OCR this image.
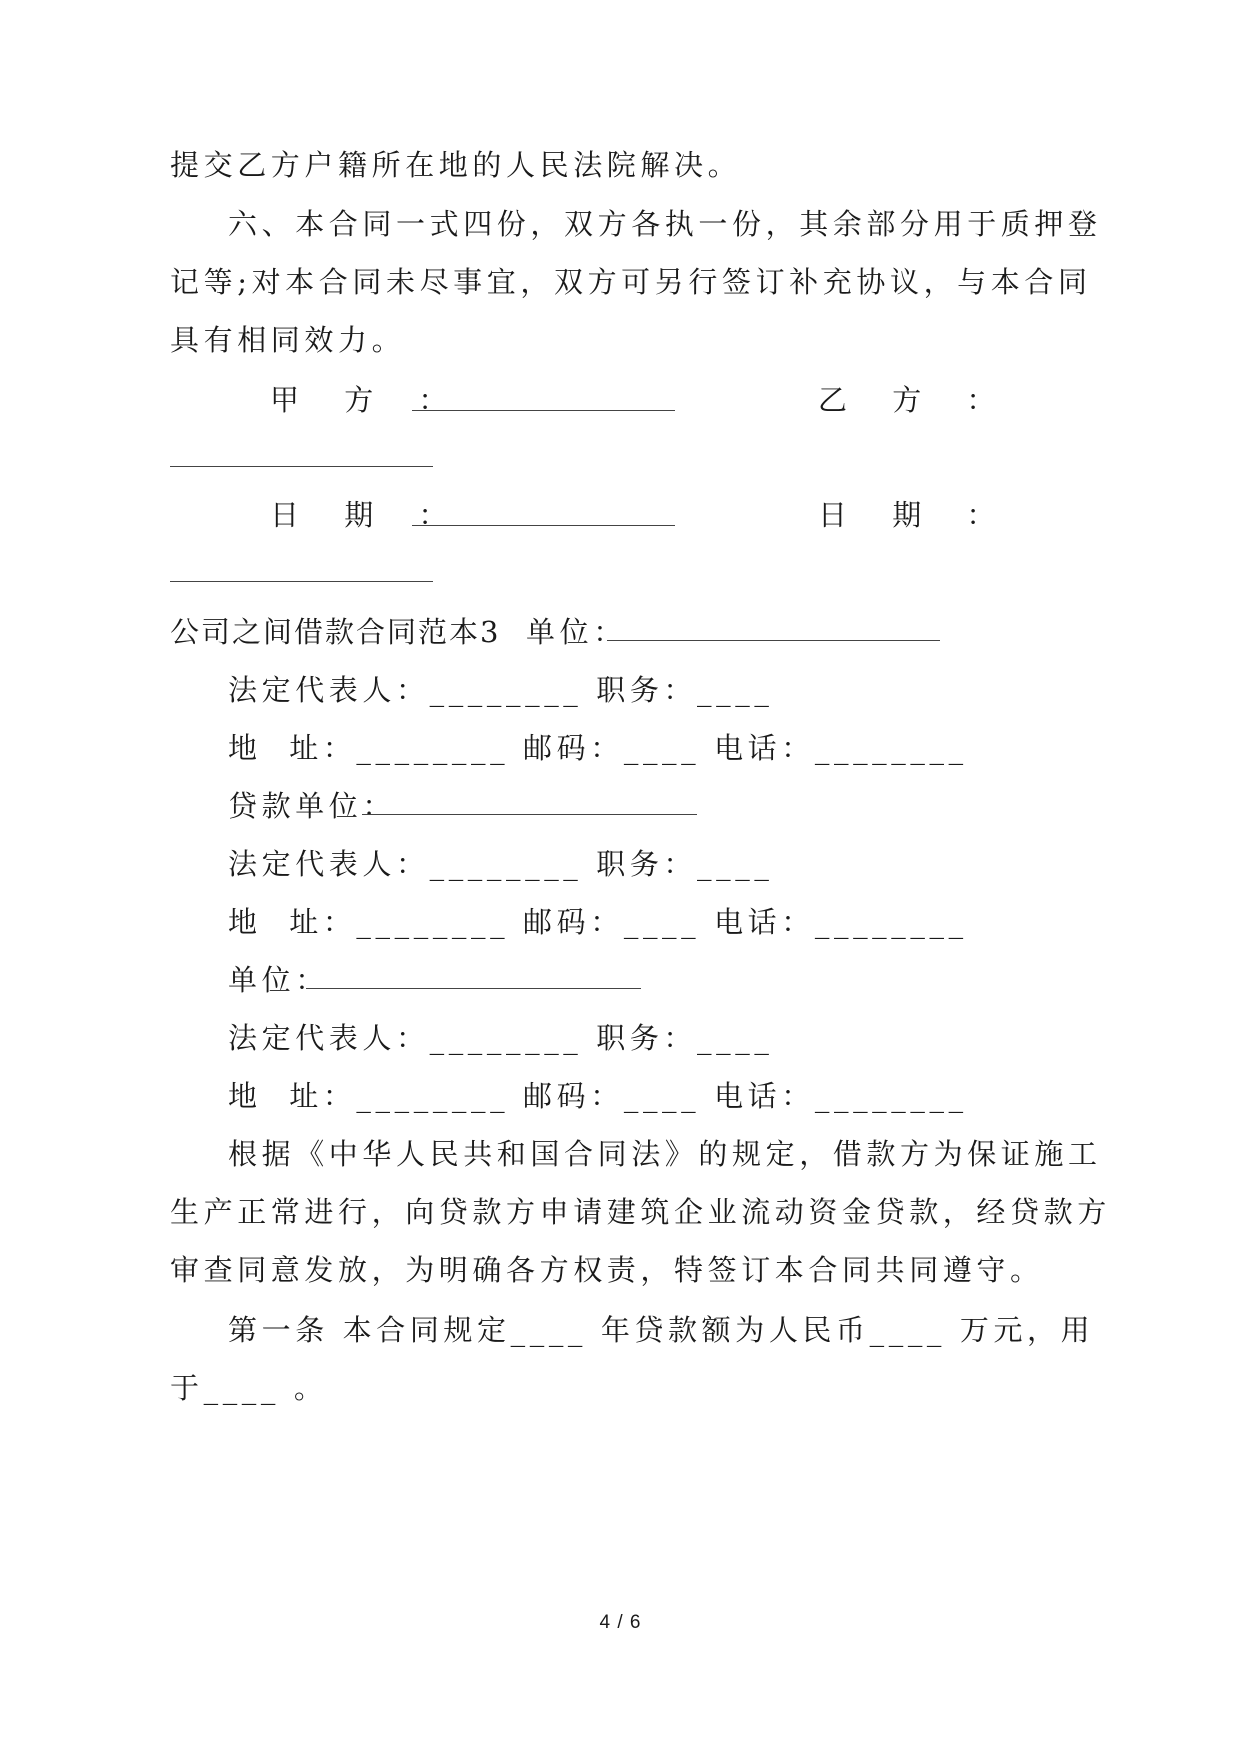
提交乙方户籍所在地的人民法院解决。
六、本合同一式四份，双方各执一份，其余部分用于质押登
记等;对本合同未尽事宜，双方可另行签订补充协议，与本合同
具有相同效力。
甲 方 ：	乙 方 ：
日 期 ：	日 期 ：
公司之间借款合同范本3 单位：
法定代表人：________ 职务：____
地  址：________ 邮码：____ 电话：________
贷款单位：
法定代表人：________ 职务：____
地  址：________ 邮码：____ 电话：________
单位：
法定代表人：________ 职务：____
地  址：________ 邮码：____ 电话：________
根据《中华人民共和国合同法》的规定，借款方为保证施工
生产正常进行，向贷款方申请建筑企业流动资金贷款，经贷款方
审查同意发放，为明确各方权责，特签订本合同共同遵守。
第一条 本合同规定____ 年贷款额为人民币____ 万元，用
于____ 。
4 / 6
